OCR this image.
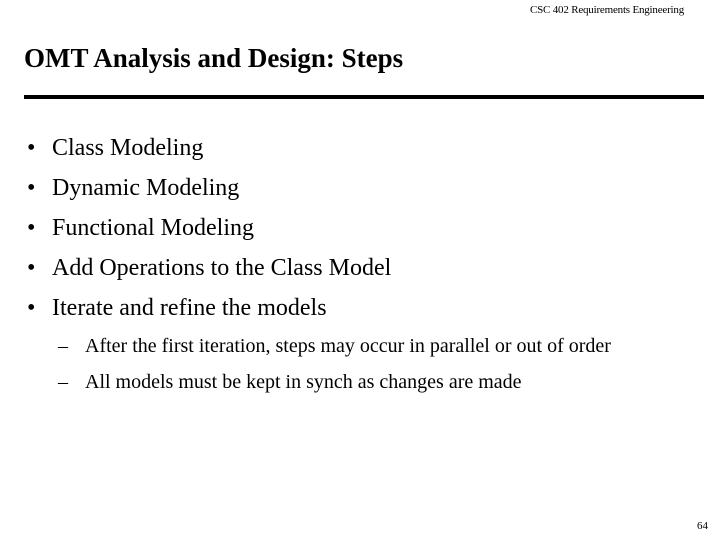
CSC 402 Requirements Engineering
OMT Analysis and Design: Steps
• Class Modeling
• Dynamic Modeling
• Functional Modeling
• Add Operations to the Class Model
• Iterate and refine the models
– After the first iteration, steps may occur in parallel or out of order
– All models must be kept in synch as changes are made
64
